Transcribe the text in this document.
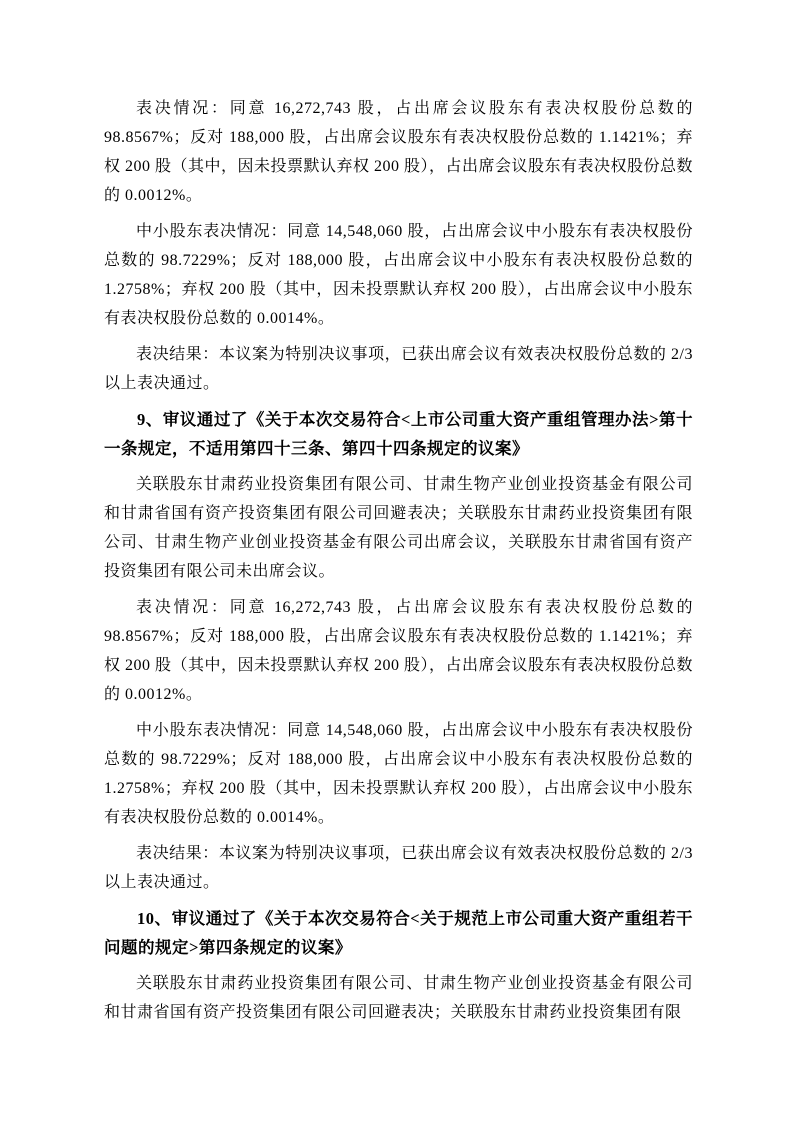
表决情况：同意 16,272,743 股，占出席会议股东有表决权股份总数的 98.8567%；反对 188,000 股，占出席会议股东有表决权股份总数的 1.1421%；弃权 200 股（其中，因未投票默认弃权 200 股），占出席会议股东有表决权股份总数的 0.0012%。

中小股东表决情况：同意 14,548,060 股，占出席会议中小股东有表决权股份总数的 98.7229%；反对 188,000 股，占出席会议中小股东有表决权股份总数的 1.2758%；弃权 200 股（其中，因未投票默认弃权 200 股），占出席会议中小股东有表决权股份总数的 0.0014%。

表决结果：本议案为特别决议事项，已获出席会议有效表决权股份总数的 2/3 以上表决通过。

9、审议通过了《关于本次交易符合<上市公司重大资产重组管理办法>第十一条规定，不适用第四十三条、第四十四条规定的议案》

关联股东甘肃药业投资集团有限公司、甘肃生物产业创业投资基金有限公司和甘肃省国有资产投资集团有限公司回避表决；关联股东甘肃药业投资集团有限公司、甘肃生物产业创业投资基金有限公司出席会议，关联股东甘肃省国有资产投资集团有限公司未出席会议。

表决情况：同意 16,272,743 股，占出席会议股东有表决权股份总数的 98.8567%；反对 188,000 股，占出席会议股东有表决权股份总数的 1.1421%；弃权 200 股（其中，因未投票默认弃权 200 股），占出席会议股东有表决权股份总数的 0.0012%。

中小股东表决情况：同意 14,548,060 股，占出席会议中小股东有表决权股份总数的 98.7229%；反对 188,000 股，占出席会议中小股东有表决权股份总数的 1.2758%；弃权 200 股（其中，因未投票默认弃权 200 股），占出席会议中小股东有表决权股份总数的 0.0014%。

表决结果：本议案为特别决议事项，已获出席会议有效表决权股份总数的 2/3 以上表决通过。

10、审议通过了《关于本次交易符合<关于规范上市公司重大资产重组若干问题的规定>第四条规定的议案》

关联股东甘肃药业投资集团有限公司、甘肃生物产业创业投资基金有限公司和甘肃省国有资产投资集团有限公司回避表决；关联股东甘肃药业投资集团有限
